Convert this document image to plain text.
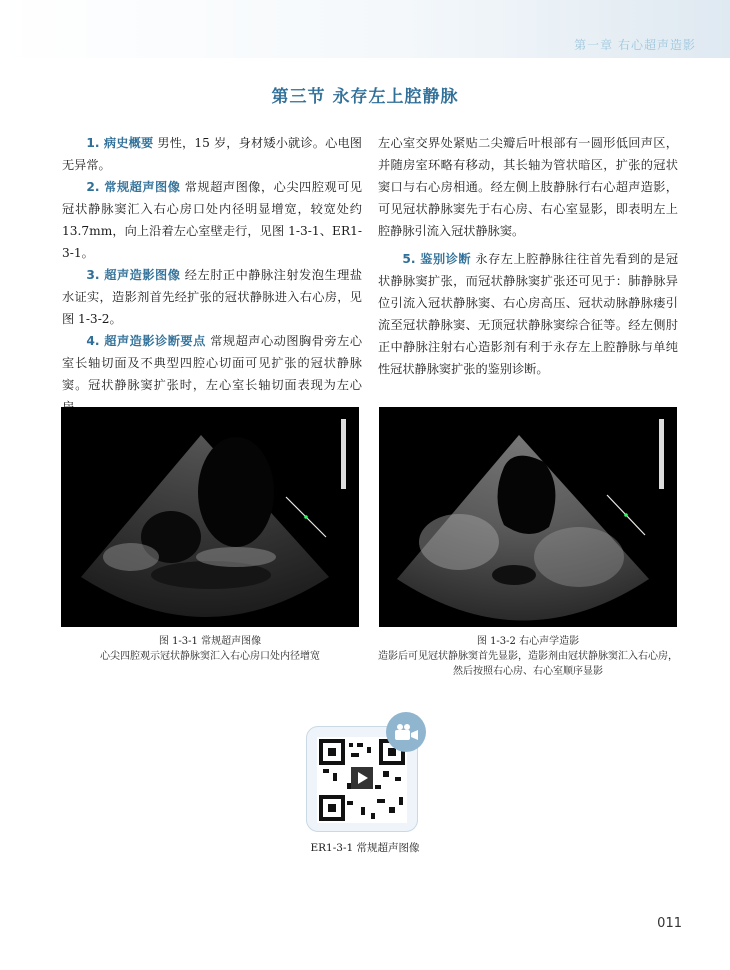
第一章 右心超声造影
第三节 永存左上腔静脉

1. 病史概要 男性，15 岁，身材矮小就诊。心电图无异常。

2. 常规超声图像 常规超声图像，心尖四腔观可见冠状静脉窦汇入右心房口处内径明显增宽，较宽处约 13.7mm，向上沿着左心室壁走行，见图 1-3-1、ER1-3-1。

3. 超声造影图像 经左肘正中静脉注射发泡生理盐水证实，造影剂首先经扩张的冠状静脉进入右心房，见图 1-3-2。

4. 超声造影诊断要点 常规超声心动图胸骨旁左心室长轴切面及不典型四腔心切面可见扩张的冠状静脉窦。冠状静脉窦扩张时，左心室长轴切面表现为左心

左心室交界处紧贴二尖瓣后叶根部有一圆形低回声区，并随房室环略有移动，其长轴为管状暗区，扩张的冠状窦口与右心房相通。经左侧上肢静脉行右心超声造影，可见冠状静脉窦先于右心房、右心室显影，即表明左上腔静脉引流入冠状静脉窦。

5. 鉴别诊断 永存左上腔静脉往往首先看到的是冠状静脉窦扩张，而冠状静脉窦扩张还可见于：肺静脉异位引流入冠状静脉窦、右心房高压、冠状动脉静脉瘘引流至冠状静脉窦、无顶冠状静脉窦综合征等。经左侧肘正中静脉注射右心造影剂有利于永存左上腔静脉与单纯性冠状静脉窦扩张的鉴别诊断。

图 1-3-1 常规超声图像
心尖四腔观示冠状静脉窦汇入右心房口处内径增宽
图 1-3-2 右心声学造影
造影后可见冠状静脉窦首先显影，造影剂由冠状静脉窦汇入右心房，
然后按照右心房、右心室顺序显影
ER1-3-1 常规超声图像
011
